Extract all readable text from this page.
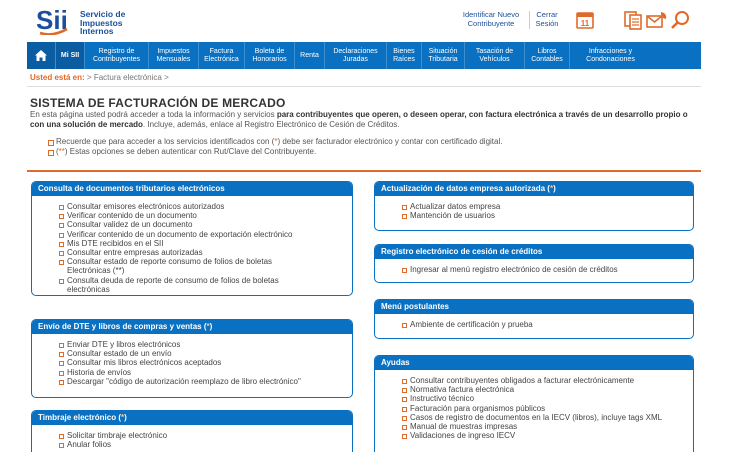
Sii Servicio de
Impuestos
Internos
Identificar Nuevo
Contribuyente
Cerrar
Sesión	11
Mi SII
Registro de
Contribuyentes
Impuestos
Mensuales
Factura
Electrónica
Boleta de
Honorarios
Renta
Declaraciones
Juradas
Bienes
Raíces
Situación
Tributaria
Tasación de
Vehículos
Libros
Contables
Infracciones y
Condonaciones
Usted está en: > Factura electrónica >
SISTEMA DE FACTURACIÓN DE MERCADO
En esta página usted podrá acceder a toda la información y servicios para contribuyentes que operen, o deseen operar, con factura electrónica a través de un desarrollo propio o con una solución de mercado. Incluye, además, enlace al Registro Electrónico de Cesión de Créditos.
Recuerde que para acceder a los servicios identificados con (*) debe ser facturador electrónico y contar con certificado digital.
(**) Estas opciones se deben autenticar con Rut/Clave del Contribuyente.
Consulta de documentos tributarios electrónicos
Consultar emisores electrónicos autorizados
Verificar contenido de un documento
Consultar validez de un documento
Verificar contenido de un documento de exportación electrónico
Mis DTE recibidos en el SII
Consultar entre empresas autorizadas
Consultar estado de reporte consumo de folios de boletas Electrónicas (**)
Consulta deuda de reporte de consumo de folios de boletas electrónicas
Envío de DTE y libros de compras y ventas (*)
Enviar DTE y libros electrónicos
Consultar estado de un envío
Consultar mis libros electrónicos aceptados
Historia de envíos
Descargar "código de autorización reemplazo de libro electrónico"
Timbraje electrónico (*)
Solicitar timbraje electrónico
Anular folios
Actualización de datos empresa autorizada (*)
Actualizar datos empresa
Mantención de usuarios
Registro electrónico de cesión de créditos
Ingresar al menú registro electrónico de cesión de créditos
Menú postulantes
Ambiente de certificación y prueba
Ayudas
Consultar contribuyentes obligados a facturar electrónicamente
Normativa factura electrónica
Instructivo técnico
Facturación para organismos públicos
Casos de registro de documentos en la IECV (libros), incluye tags XML
Manual de muestras impresas
Validaciones de ingreso IECV
